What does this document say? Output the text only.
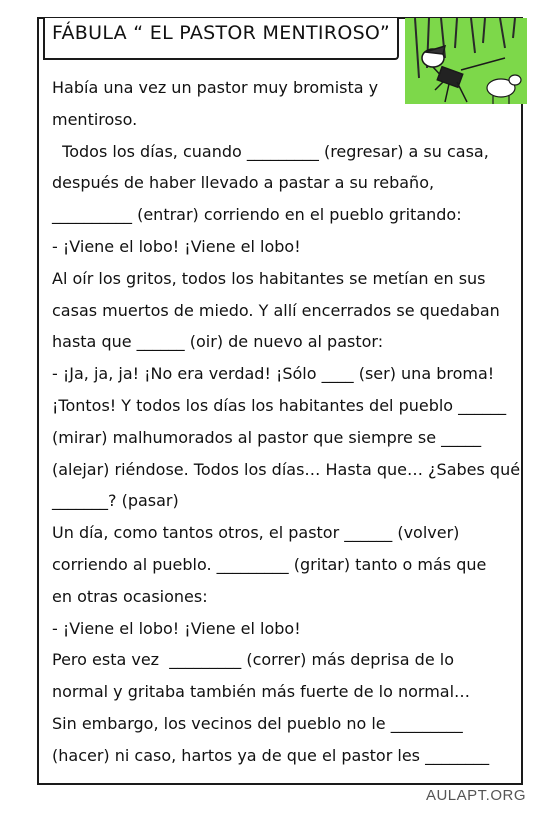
FÁBULA “ EL PASTOR MENTIROSO”
Había una vez un pastor muy bromista y
mentiroso.
Todos los días, cuando _________ (regresar) a su casa,
después de haber llevado a pastar a su rebaño,
__________ (entrar) corriendo en el pueblo gritando:
- ¡Viene el lobo! ¡Viene el lobo!
Al oír los gritos, todos los habitantes se metían en sus
casas muertos de miedo. Y allí encerrados se quedaban
hasta que ______ (oir) de nuevo al pastor:
- ¡Ja, ja, ja! ¡No era verdad! ¡Sólo ____ (ser) una broma!
¡Tontos! Y todos los días los habitantes del pueblo ______
(mirar) malhumorados al pastor que siempre se _____
(alejar) riéndose. Todos los días… Hasta que… ¿Sabes qué
_______? (pasar)
Un día, como tantos otros, el pastor ______ (volver)
corriendo al pueblo. _________ (gritar) tanto o más que
en otras ocasiones:
- ¡Viene el lobo! ¡Viene el lobo!
Pero esta vez  _________ (correr) más deprisa de lo
normal y gritaba también más fuerte de lo normal…
Sin embargo, los vecinos del pueblo no le _________
(hacer) ni caso, hartos ya de que el pastor les ________
AULAPT.ORG
